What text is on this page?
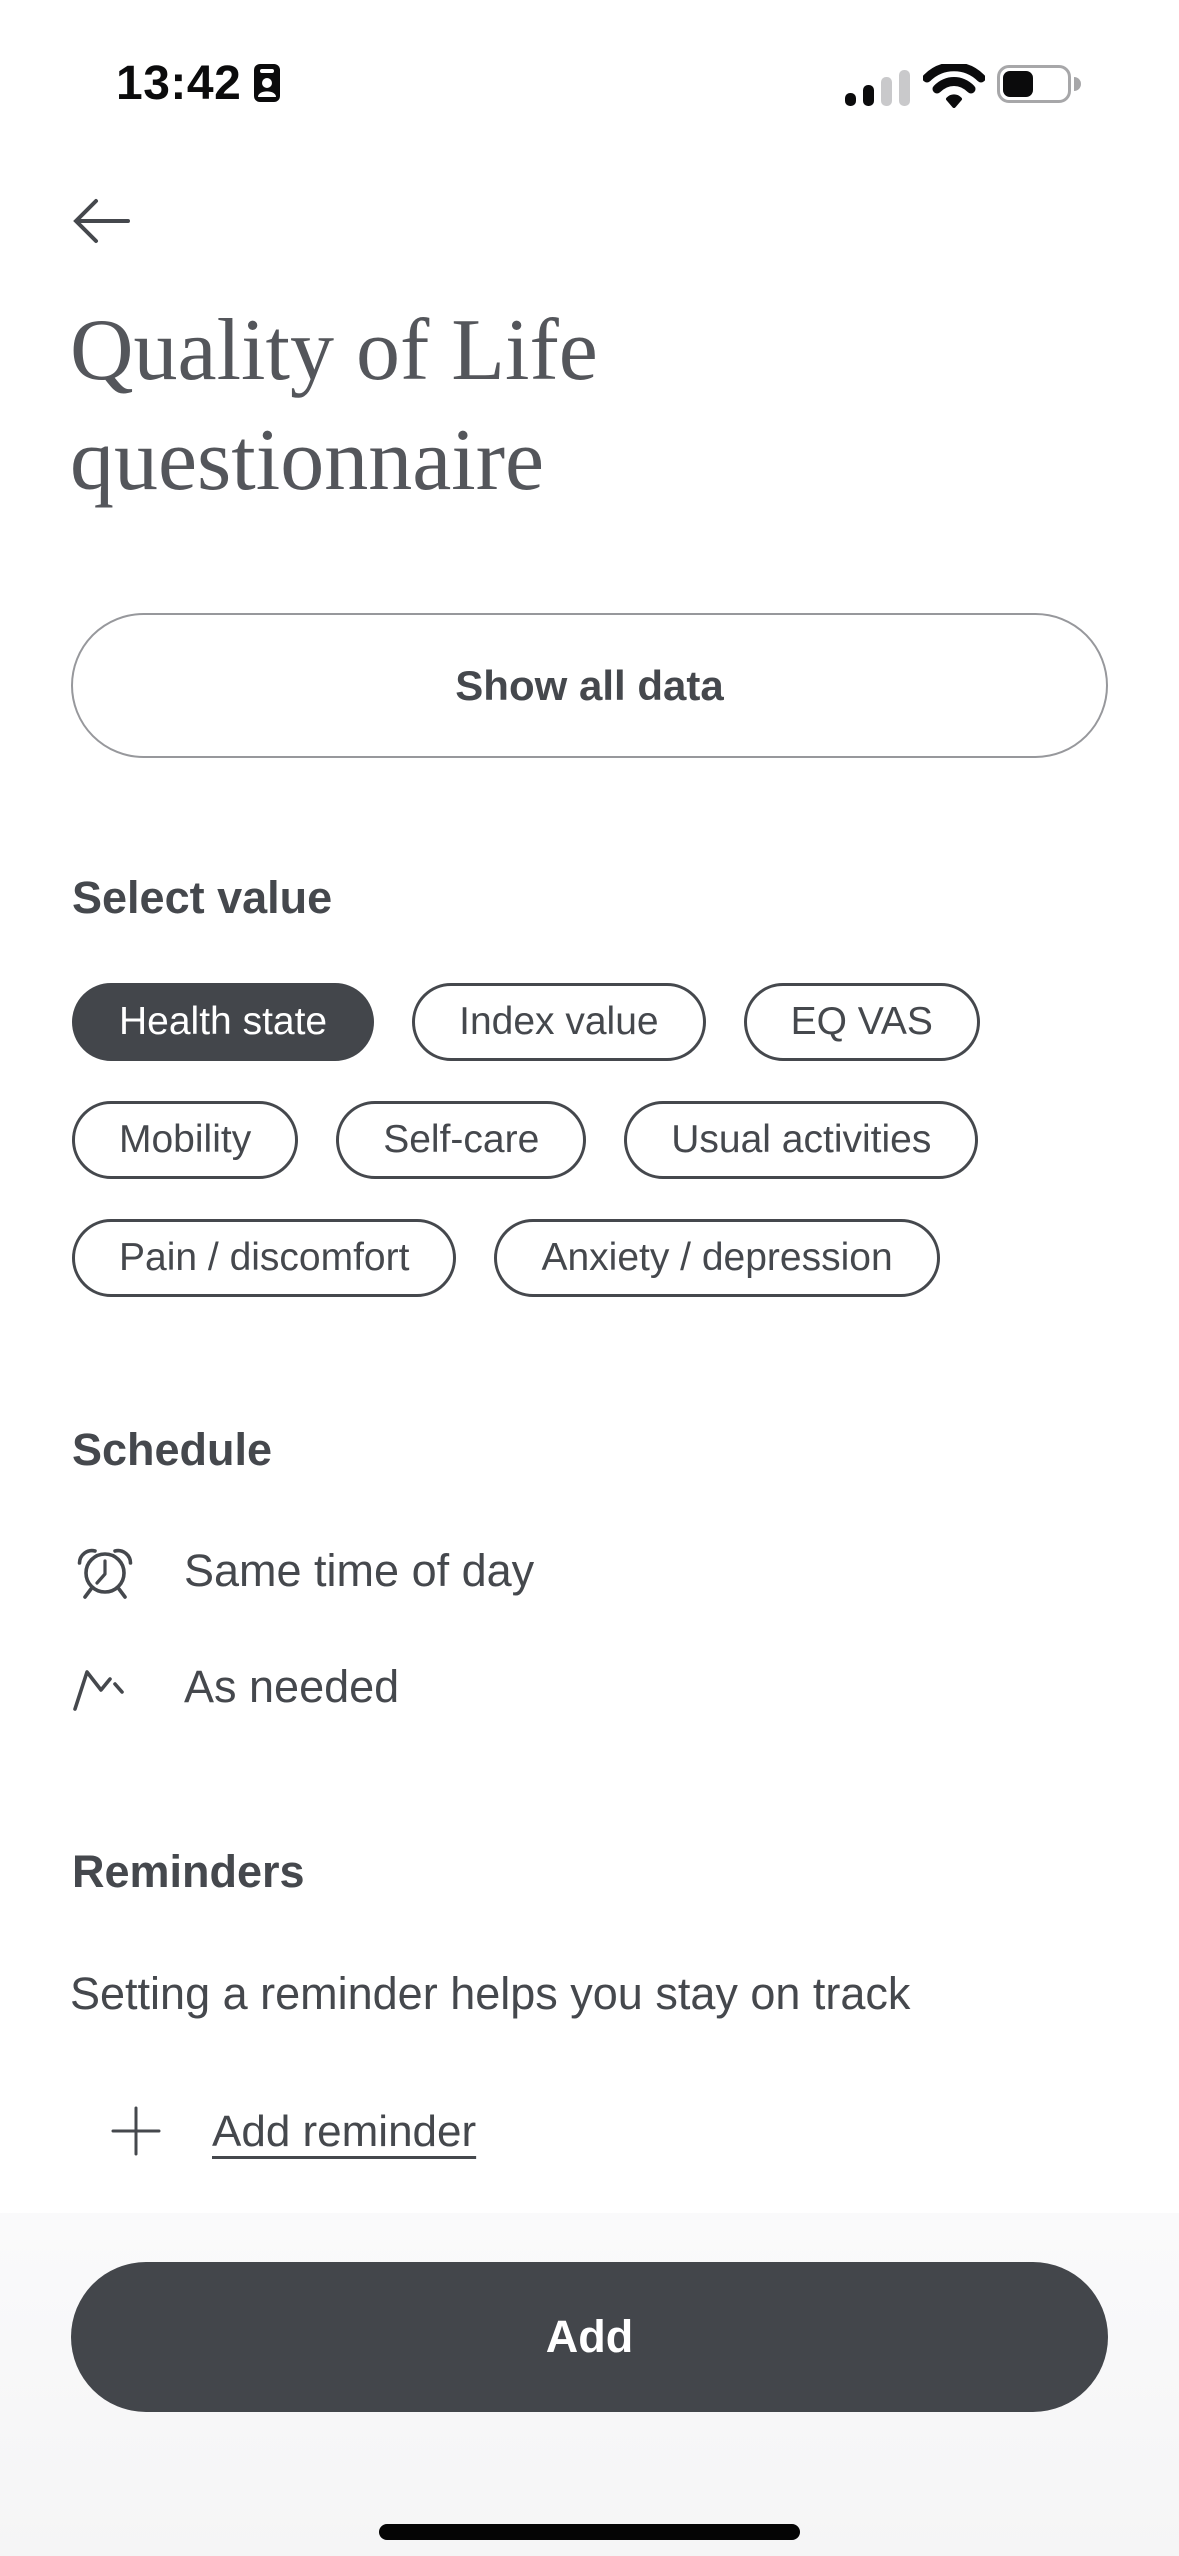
13:42
Quality of Life
questionnaire
Show all data
Select value
Health state	Index value	EQ VAS
Mobility	Self-care	Usual activities
Pain / discomfort	Anxiety / depression
Schedule
Same time of day
As needed
Reminders
Setting a reminder helps you stay on track
Add reminder
Add
